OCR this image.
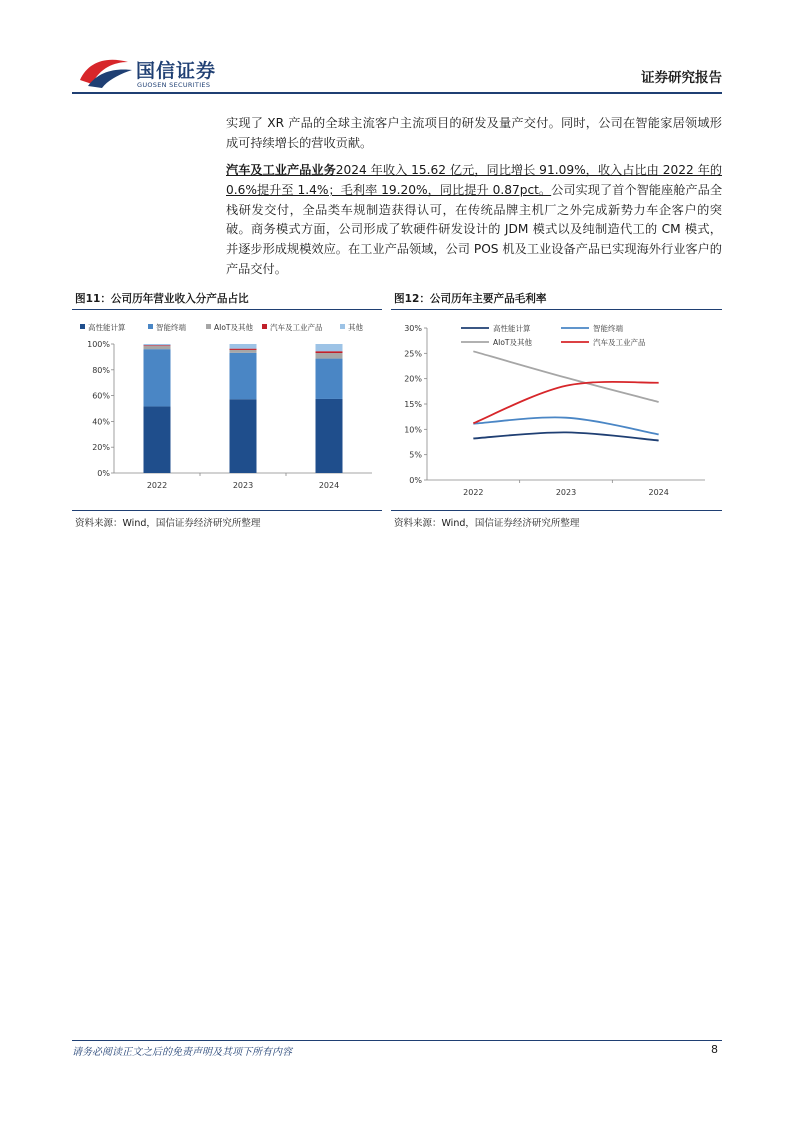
国信证券
GUOSEN SECURITIES	证券研究报告
实现了 XR 产品的全球主流客户主流项目的研发及量产交付。同时，公司在智能家居领域形成可持续增长的营收贡献。
汽车及工业产品业务2024 年收入 15.62 亿元，同比增长 91.09%，收入占比由 2022 年的 0.6%提升至 1.4%；毛利率 19.20%，同比提升 0.87pct。公司实现了首个智能座舱产品全栈研发交付，全品类车规制造获得认可，在传统品牌主机厂之外完成新势力车企客户的突破。商务模式方面，公司形成了软硬件研发设计的 JDM 模式以及纯制造代工的 CM 模式，并逐步形成规模效应。在工业产品领域，公司 POS 机及工业设备产品已实现海外行业客户的产品交付。
图11：公司历年营业收入分产品占比
高性能计算	智能终端	AIoT及其他 汽车及工业产品	其他
0%
20%
40%
60%
80%
100%
2022	2023	2024
资料来源：Wind，国信证券经济研究所整理
图12：公司历年主要产品毛利率
0%
5%
10%
15%
20%
25%
30%
2022	2023	2024
高性能计算	智能终端
AIoT及其他	汽车及工业产品
资料来源：Wind，国信证券经济研究所整理
请务必阅读正文之后的免责声明及其项下所有内容	8
